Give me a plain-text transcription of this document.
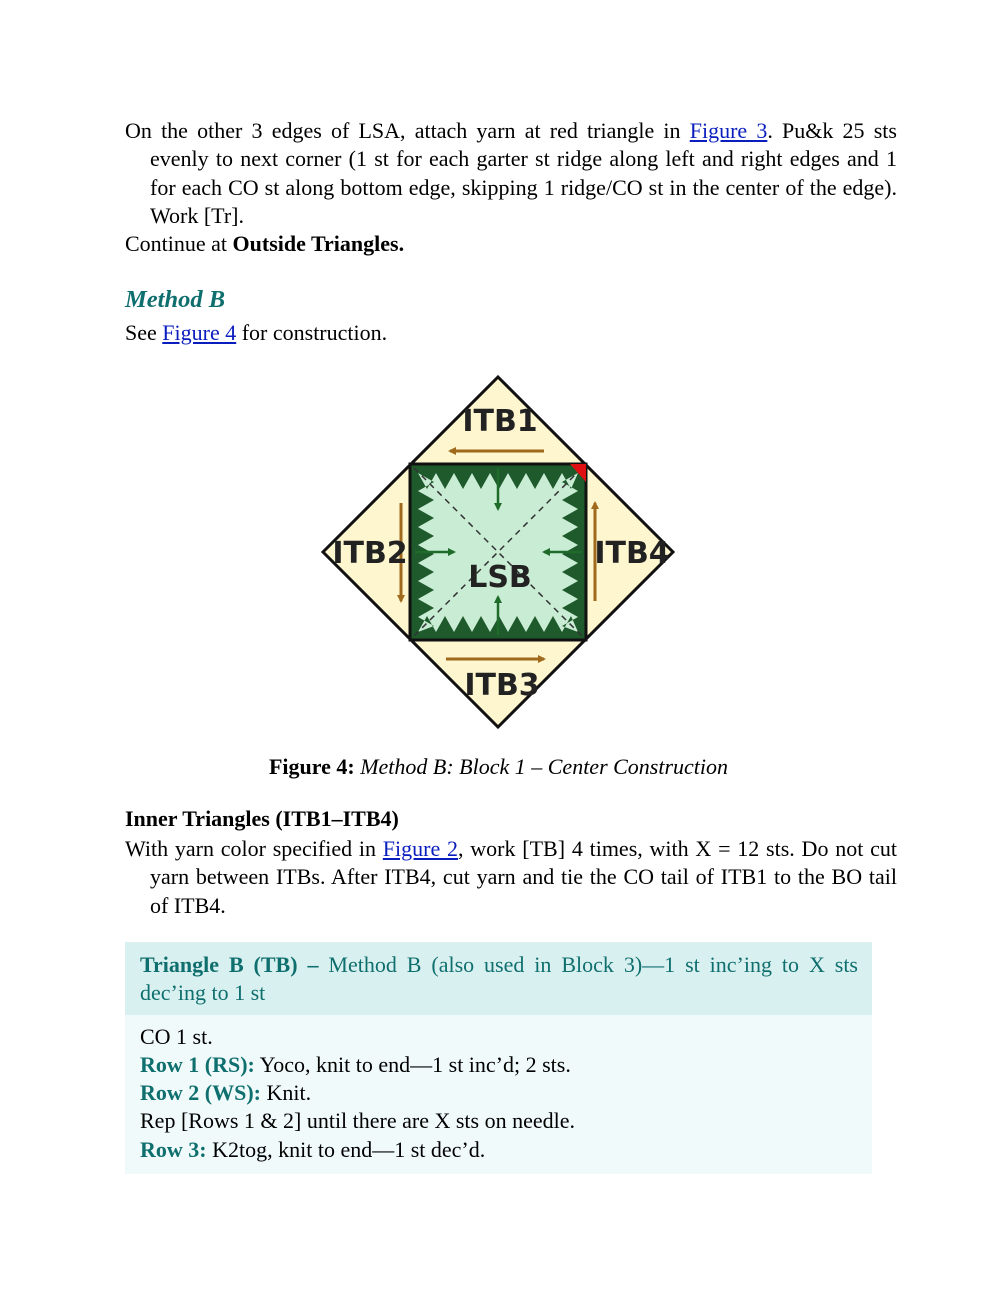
On the other 3 edges of LSA, attach yarn at red triangle in Figure 3. Pu&k 25 sts evenly to next corner (1 st for each garter st ridge along left and right edges and 1 for each CO st along bottom edge, skipping 1 ridge/CO st in the center of the edge). Work [Tr].

Continue at Outside Triangles.

Method B

See Figure 4 for construction.

ITB1
ITB2	ITB4
ITB3
LSB
Figure 4: Method B: Block 1 – Center Construction
Inner Triangles (ITB1–ITB4)

With yarn color specified in Figure 2, work [TB] 4 times, with X = 12 sts. Do not cut yarn between ITBs. After ITB4, cut yarn and tie the CO tail of ITB1 to the BO tail of ITB4.

Triangle B (TB) – Method B (also used in Block 3)—1 st inc’ing to X sts dec’ing to 1 st
CO 1 st.
Row 1 (RS): Yoco, knit to end—1 st inc’d; 2 sts.
Row 2 (WS): Knit.
Rep [Rows 1 & 2] until there are X sts on needle.
Row 3: K2tog, knit to end—1 st dec’d.
